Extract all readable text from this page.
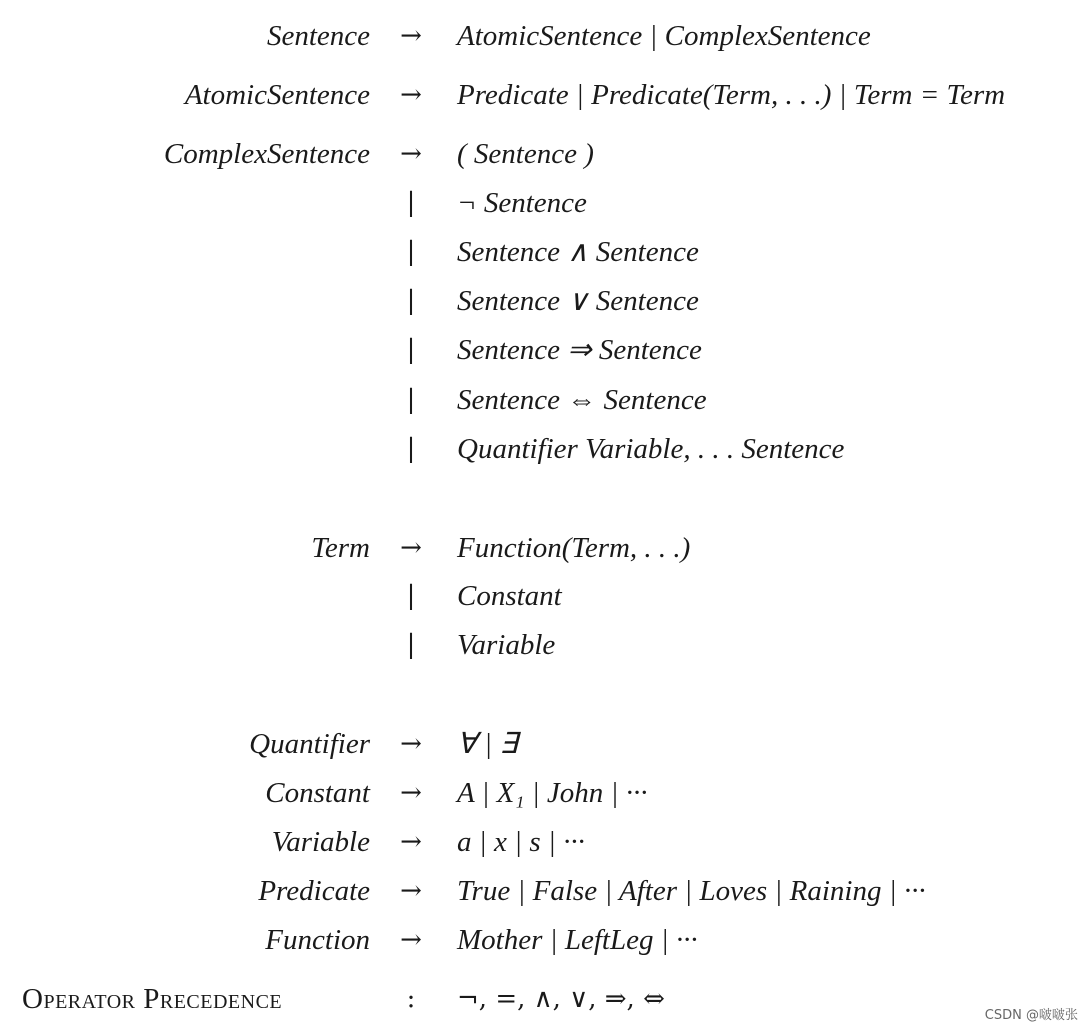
Sentence → AtomicSentence | ComplexSentence
AtomicSentence → Predicate | Predicate(Term, . . .) | Term = Term
ComplexSentence → ( Sentence )
| ¬ Sentence
| Sentence ∧ Sentence
| Sentence ∨ Sentence
| Sentence ⇒ Sentence
| Sentence ⇔ Sentence
| Quantifier Variable, . . . Sentence
Term → Function(Term, . . .)
| Constant
| Variable
Quantifier → ∀ | ∃
Constant → A | X₁ | John | ···
Variable → a | x | s | ···
Predicate → True | False | After | Loves | Raining | ···
Function → Mother | LeftLeg | ···
Operator Precedence	:	¬, =, ∧, ∨, ⇒, ⇔
CSDN @啵啵张
